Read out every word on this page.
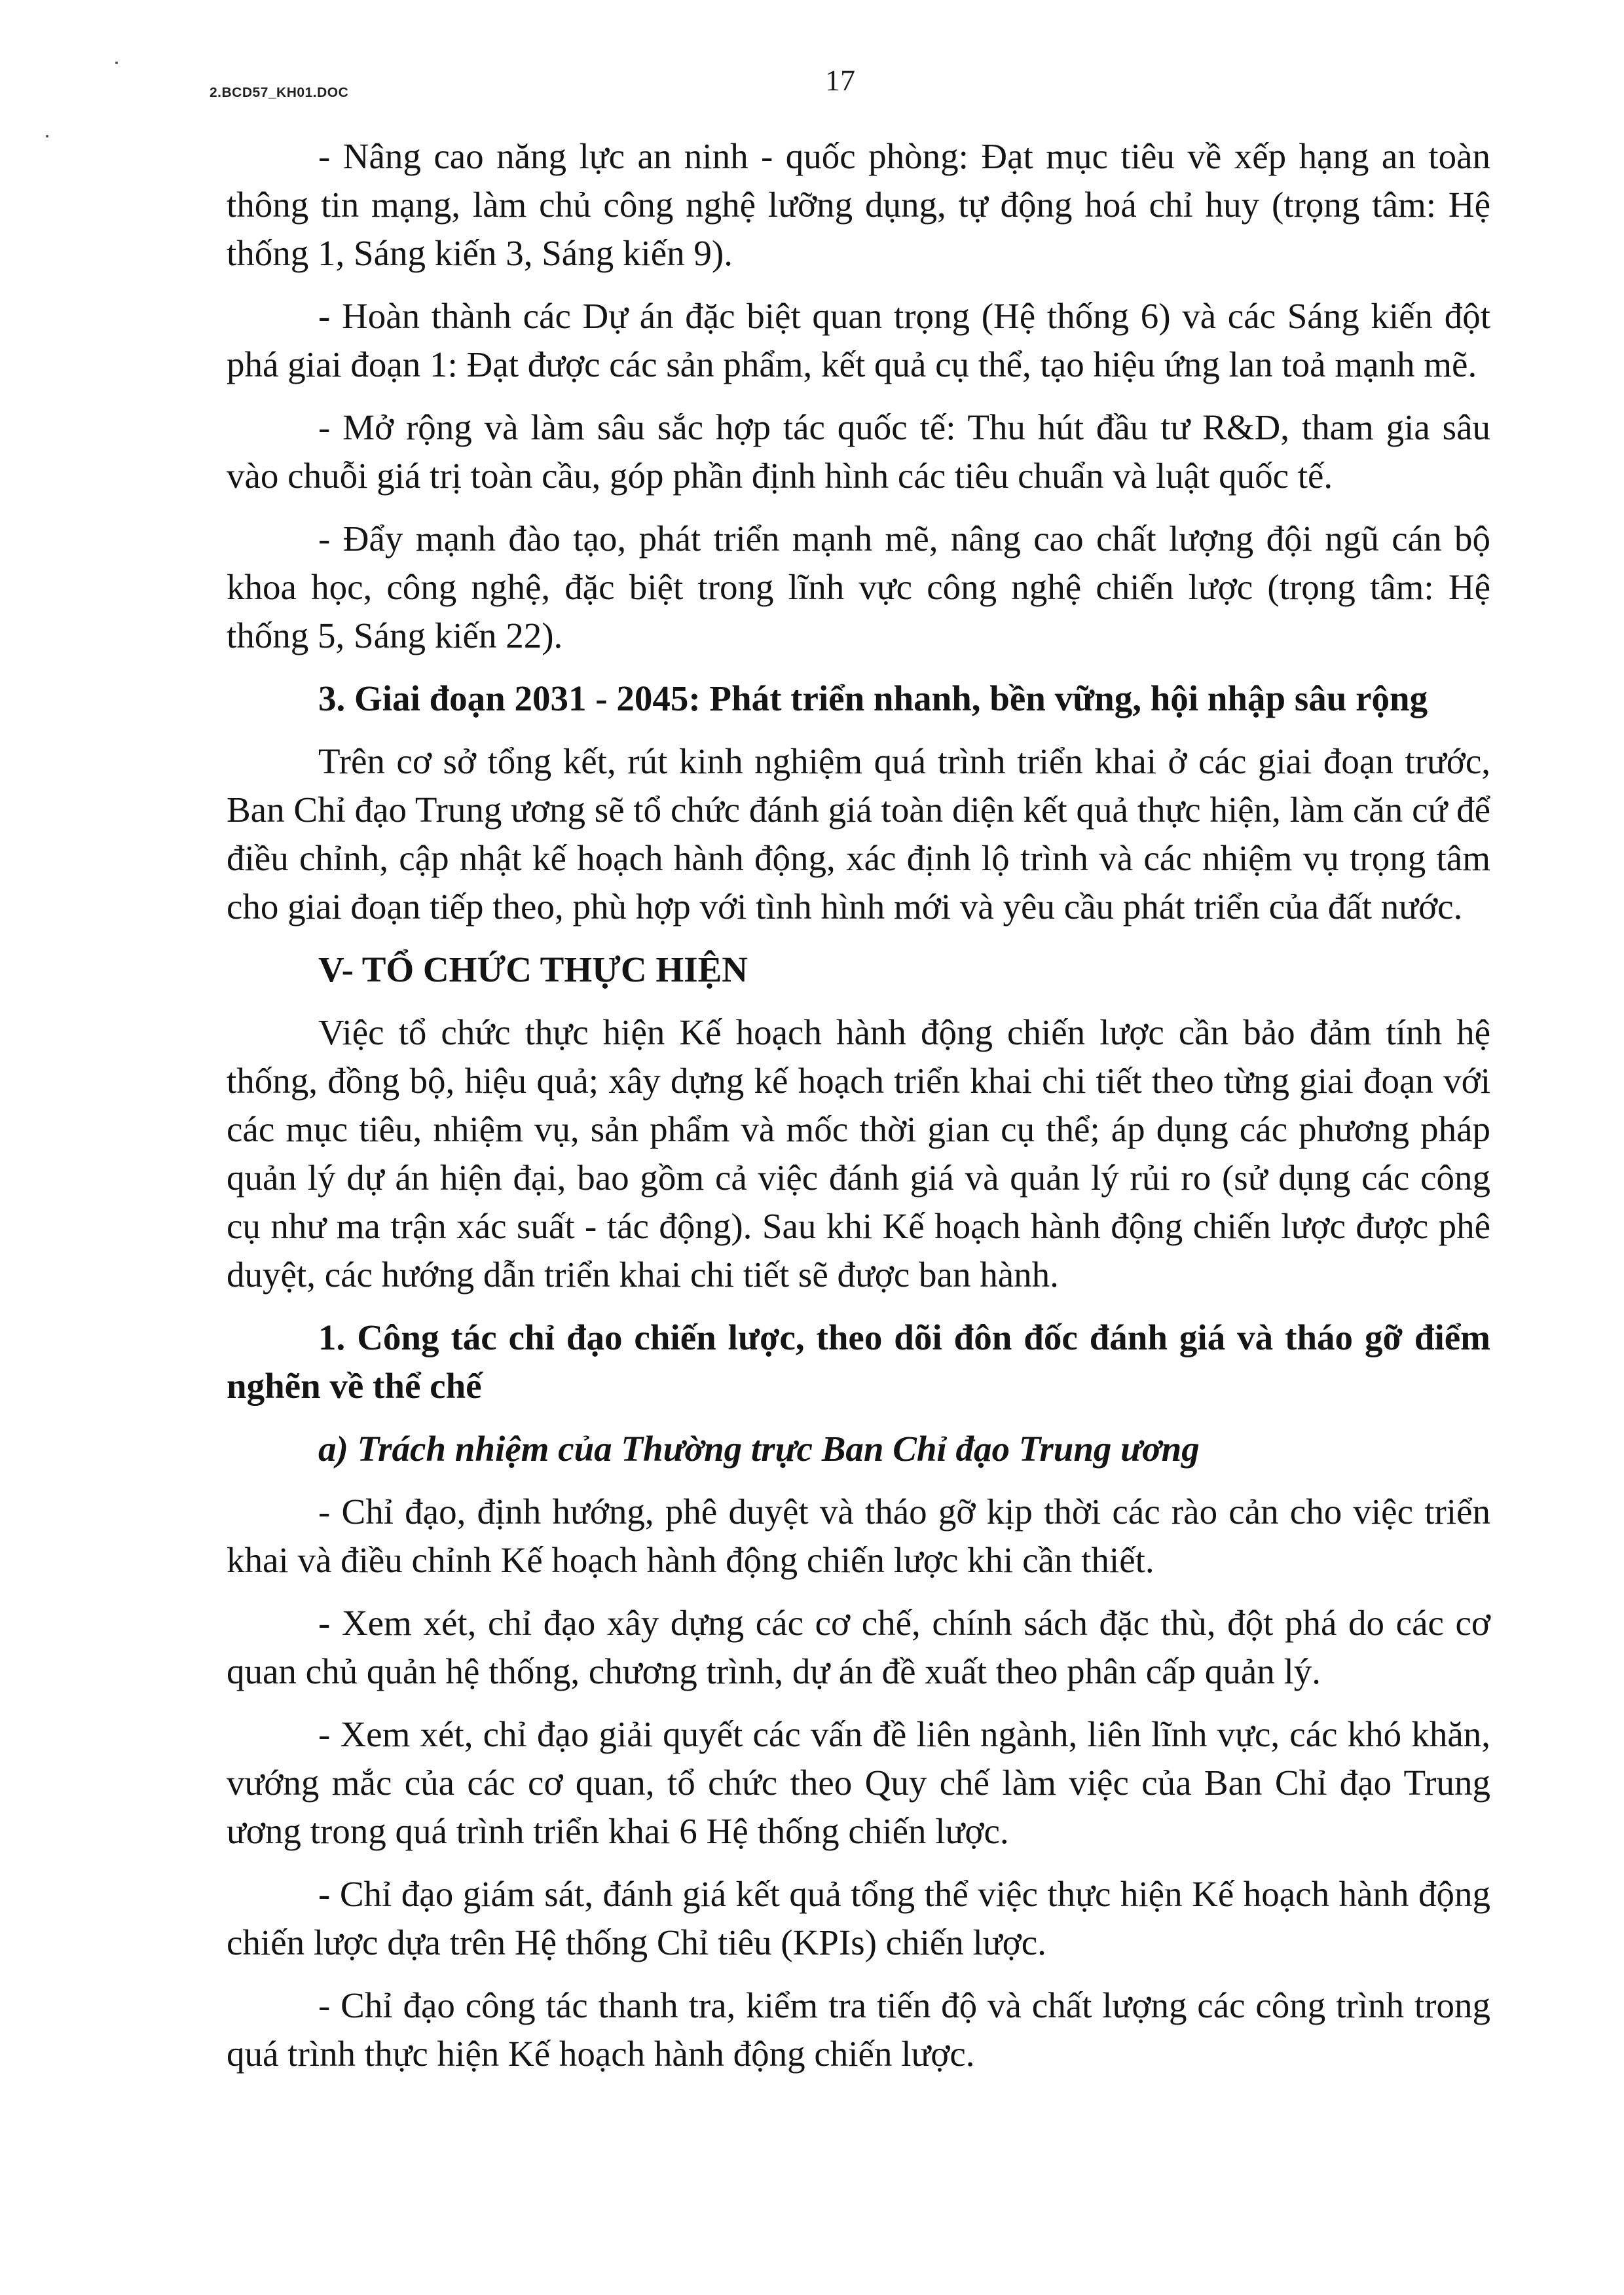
2.BCD57_KH01.DOC	17

- Nâng cao năng lực an ninh - quốc phòng: Đạt mục tiêu về xếp hạng an toàn thông tin mạng, làm chủ công nghệ lưỡng dụng, tự động hoá chỉ huy (trọng tâm: Hệ thống 1, Sáng kiến 3, Sáng kiến 9).

- Hoàn thành các Dự án đặc biệt quan trọng (Hệ thống 6) và các Sáng kiến đột phá giai đoạn 1: Đạt được các sản phẩm, kết quả cụ thể, tạo hiệu ứng lan toả mạnh mẽ.

- Mở rộng và làm sâu sắc hợp tác quốc tế: Thu hút đầu tư R&D, tham gia sâu vào chuỗi giá trị toàn cầu, góp phần định hình các tiêu chuẩn và luật quốc tế.

- Đẩy mạnh đào tạo, phát triển mạnh mẽ, nâng cao chất lượng đội ngũ cán bộ khoa học, công nghệ, đặc biệt trong lĩnh vực công nghệ chiến lược (trọng tâm: Hệ thống 5, Sáng kiến 22).

3. Giai đoạn 2031 - 2045: Phát triển nhanh, bền vững, hội nhập sâu rộng

Trên cơ sở tổng kết, rút kinh nghiệm quá trình triển khai ở các giai đoạn trước, Ban Chỉ đạo Trung ương sẽ tổ chức đánh giá toàn diện kết quả thực hiện, làm căn cứ để điều chỉnh, cập nhật kế hoạch hành động, xác định lộ trình và các nhiệm vụ trọng tâm cho giai đoạn tiếp theo, phù hợp với tình hình mới và yêu cầu phát triển của đất nước.

V- TỔ CHỨC THỰC HIỆN

Việc tổ chức thực hiện Kế hoạch hành động chiến lược cần bảo đảm tính hệ thống, đồng bộ, hiệu quả; xây dựng kế hoạch triển khai chi tiết theo từng giai đoạn với các mục tiêu, nhiệm vụ, sản phẩm và mốc thời gian cụ thể; áp dụng các phương pháp quản lý dự án hiện đại, bao gồm cả việc đánh giá và quản lý rủi ro (sử dụng các công cụ như ma trận xác suất - tác động). Sau khi Kế hoạch hành động chiến lược được phê duyệt, các hướng dẫn triển khai chi tiết sẽ được ban hành.

1. Công tác chỉ đạo chiến lược, theo dõi đôn đốc đánh giá và tháo gỡ điểm nghẽn về thể chế

a) Trách nhiệm của Thường trực Ban Chỉ đạo Trung ương

- Chỉ đạo, định hướng, phê duyệt và tháo gỡ kịp thời các rào cản cho việc triển khai và điều chỉnh Kế hoạch hành động chiến lược khi cần thiết.

- Xem xét, chỉ đạo xây dựng các cơ chế, chính sách đặc thù, đột phá do các cơ quan chủ quản hệ thống, chương trình, dự án đề xuất theo phân cấp quản lý.

- Xem xét, chỉ đạo giải quyết các vấn đề liên ngành, liên lĩnh vực, các khó khăn, vướng mắc của các cơ quan, tổ chức theo Quy chế làm việc của Ban Chỉ đạo Trung ương trong quá trình triển khai 6 Hệ thống chiến lược.

- Chỉ đạo giám sát, đánh giá kết quả tổng thể việc thực hiện Kế hoạch hành động chiến lược dựa trên Hệ thống Chỉ tiêu (KPIs) chiến lược.

- Chỉ đạo công tác thanh tra, kiểm tra tiến độ và chất lượng các công trình trong quá trình thực hiện Kế hoạch hành động chiến lược.
